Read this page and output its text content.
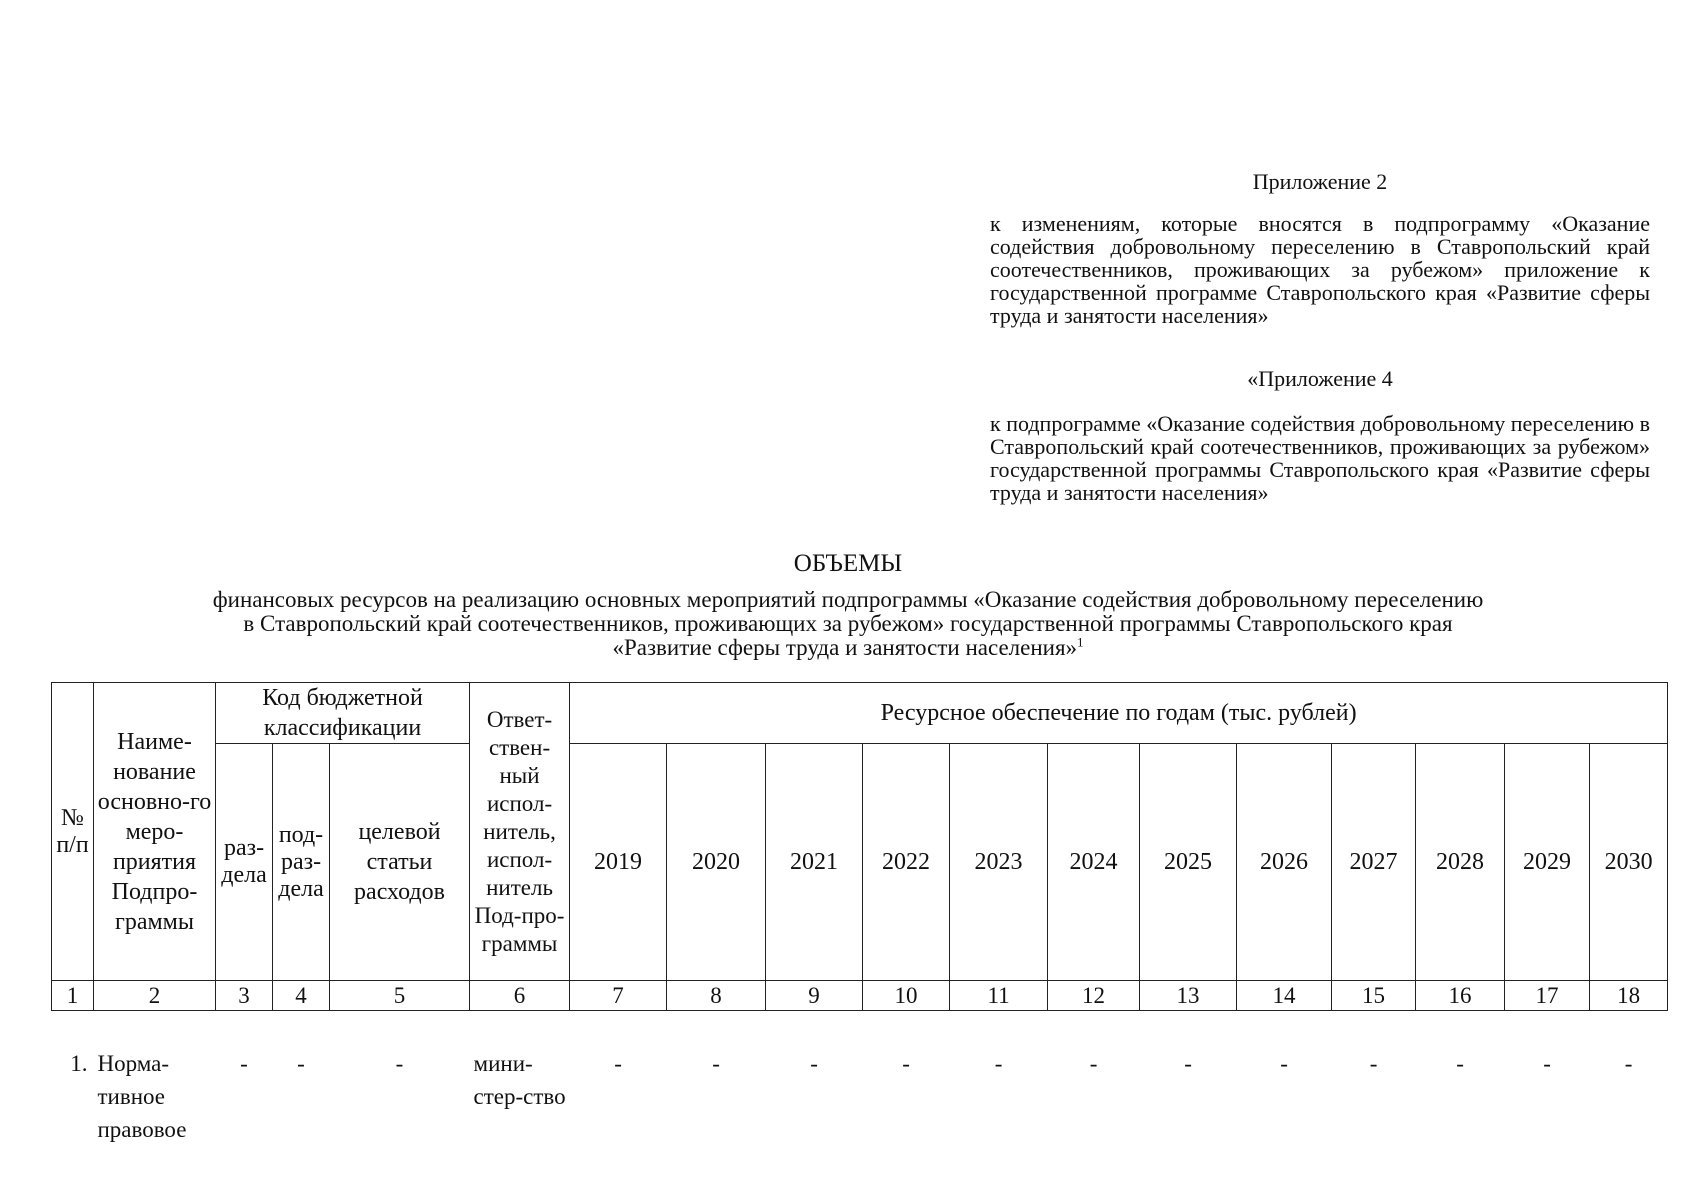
Приложение 2
к изменениям, которые вносятся в подпрограмму «Оказание содействия добровольному переселению в Ставропольский край соотечественников, проживающих за рубежом» приложение к государственной программе Ставропольского края «Развитие сферы труда и занятости населения»
«Приложение 4
к подпрограмме «Оказание содействия добровольному переселению в Ставропольский край соотечественников, проживающих за рубежом» государственной программы Ставропольского края «Развитие сферы труда и занятости населения»
ОБЪЕМЫ
финансовых ресурсов на реализацию основных мероприятий подпрограммы «Оказание содействия добровольному переселению
в Ставропольский край соотечественников, проживающих за рубежом» государственной программы Ставропольского края
«Развитие сферы труда и занятости населения»$^1$
№ п/п	Наиме-нование основно-го меро-приятия Подпро-граммы	Код бюджетной классификации			Ответ-ствен-ный испол-нитель, испол-нитель Под-про-граммы	Ресурсное обеспечение по годам (тыс. рублей)											
		раз-дела	под-раз-дела	целевой статьи расходов		2019	2020	2021	2022	2023	2024	2025	2026	2027	2028	2029	2030
1	2	3	4	5	6	7	8	9	10	11	12	13	14	15	16	17	18
1.	Норма-тивное правовое	-	-	-	мини-стер-ство	-	-	-	-	-	-	-	-	-	-	-	-
